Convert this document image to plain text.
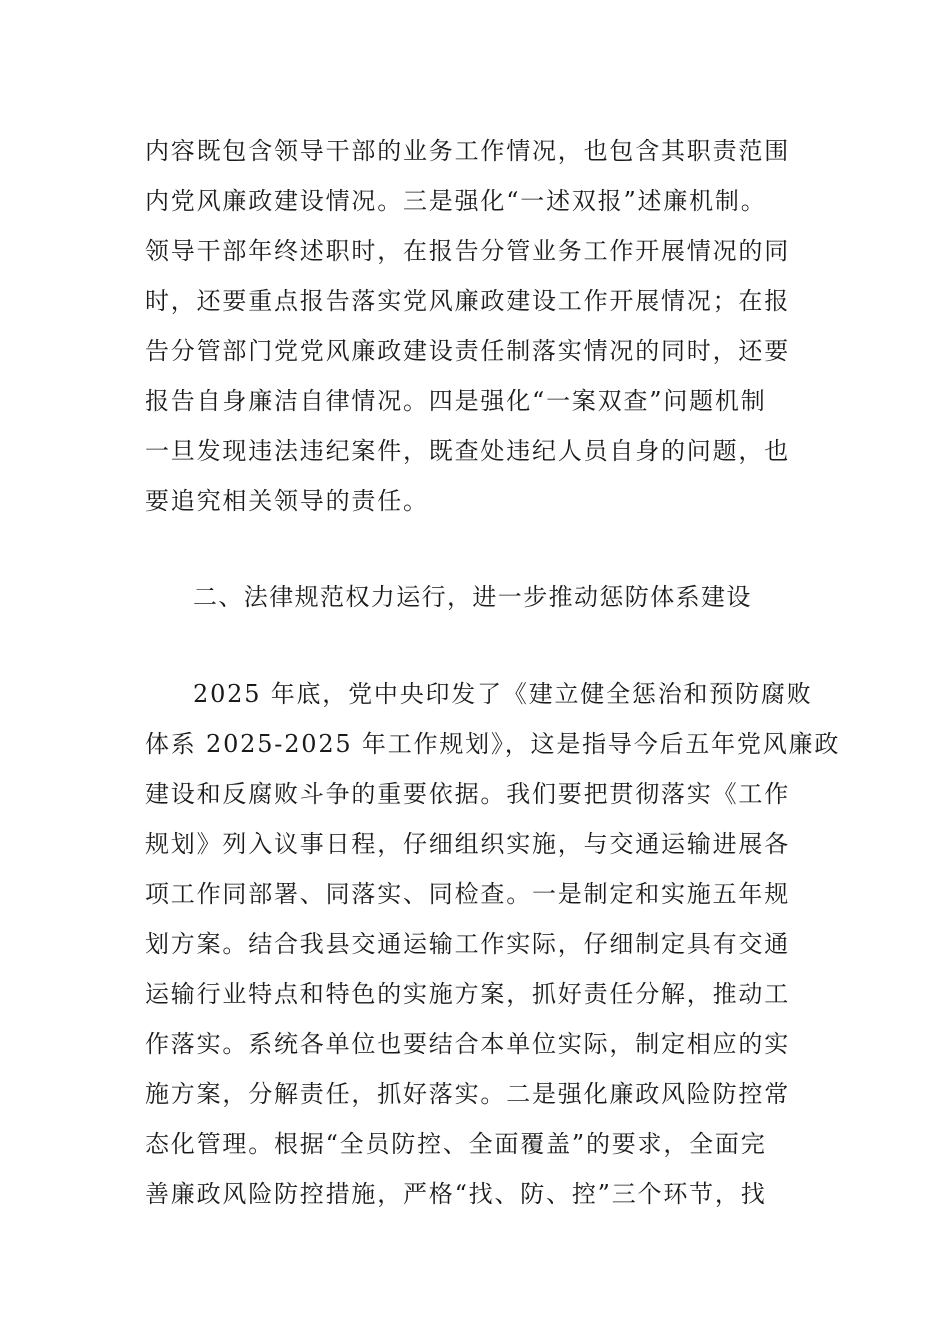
内容既包含领导干部的业务工作情况，也包含其职责范围
内党风廉政建设情况。三是强化“一述双报”述廉机制。
领导干部年终述职时，在报告分管业务工作开展情况的同
时，还要重点报告落实党风廉政建设工作开展情况；在报
告分管部门党党风廉政建设责任制落实情况的同时，还要
报告自身廉洁自律情况。四是强化“一案双查”问题机制
一旦发现违法违纪案件，既查处违纪人员自身的问题，也
要追究相关领导的责任。
二、法律规范权力运行，进一步推动惩防体系建设
2025 年底，党中央印发了《建立健全惩治和预防腐败
体系 2025-2025 年工作规划》，这是指导今后五年党风廉政
建设和反腐败斗争的重要依据。我们要把贯彻落实《工作
规划》列入议事日程，仔细组织实施，与交通运输进展各
项工作同部署、同落实、同检查。一是制定和实施五年规
划方案。结合我县交通运输工作实际，仔细制定具有交通
运输行业特点和特色的实施方案，抓好责任分解，推动工
作落实。系统各单位也要结合本单位实际，制定相应的实
施方案，分解责任，抓好落实。二是强化廉政风险防控常
态化管理。根据“全员防控、全面覆盖”的要求，全面完
善廉政风险防控措施，严格“找、防、控”三个环节，找
